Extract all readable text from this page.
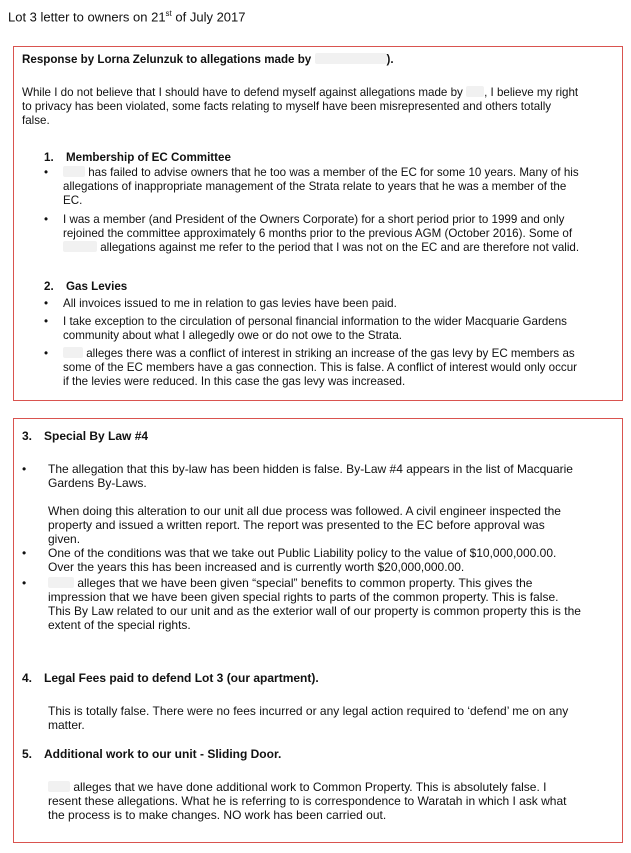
Lot 3 letter to owners on 21st of July 2017
Response by Lorna Zelunzuk to allegations made by	).

While I do not believe that I should have to defend myself against allegations made by , I believe my right

to privacy has been violated, some facts relating to myself have been misrepresented and others totally

false.

1. Membership of EC Committee
•	has failed to advise owners that he too was a member of the EC for some 10 years. Many of his

allegations of inappropriate management of the Strata relate to years that he was a member of the

EC.

• I was a member (and President of the Owners Corporate) for a short period prior to 1999 and only

rejoined the committee approximately 6 months prior to the previous AGM (October 2016). Some of

allegations against me refer to the period that I was not on the EC and are therefore not valid.

2. Gas Levies
• All invoices issued to me in relation to gas levies have been paid.

• I take exception to the circulation of personal financial information to the wider Macquarie Gardens

community about what I allegedly owe or do not owe to the Strata.

•	alleges there was a conflict of interest in striking an increase of the gas levy by EC members as

some of the EC members have a gas connection. This is false. A conflict of interest would only occur

if the levies were reduced. In this case the gas levy was increased.

3. Special By Law #4
• The allegation that this by-law has been hidden is false. By-Law #4 appears in the list of Macquarie

Gardens By-Laws.

When doing this alteration to our unit all due process was followed. A civil engineer inspected the

property and issued a written report. The report was presented to the EC before approval was

given.

• One of the conditions was that we take out Public Liability policy to the value of $10,000,000.00.

Over the years this has been increased and is currently worth $20,000,000.00.

•	alleges that we have been given “special” benefits to common property. This gives the

impression that we have been given special rights to parts of the common property. This is false.

This By Law related to our unit and as the exterior wall of our property is common property this is the

extent of the special rights.

4. Legal Fees paid to defend Lot 3 (our apartment).

This is totally false. There were no fees incurred or any legal action required to ‘defend’ me on any

matter.

5. Additional work to our unit - Sliding Door.

alleges that we have done additional work to Common Property. This is absolutely false. I

resent these allegations. What he is referring to is correspondence to Waratah in which I ask what

the process is to make changes. NO work has been carried out.
